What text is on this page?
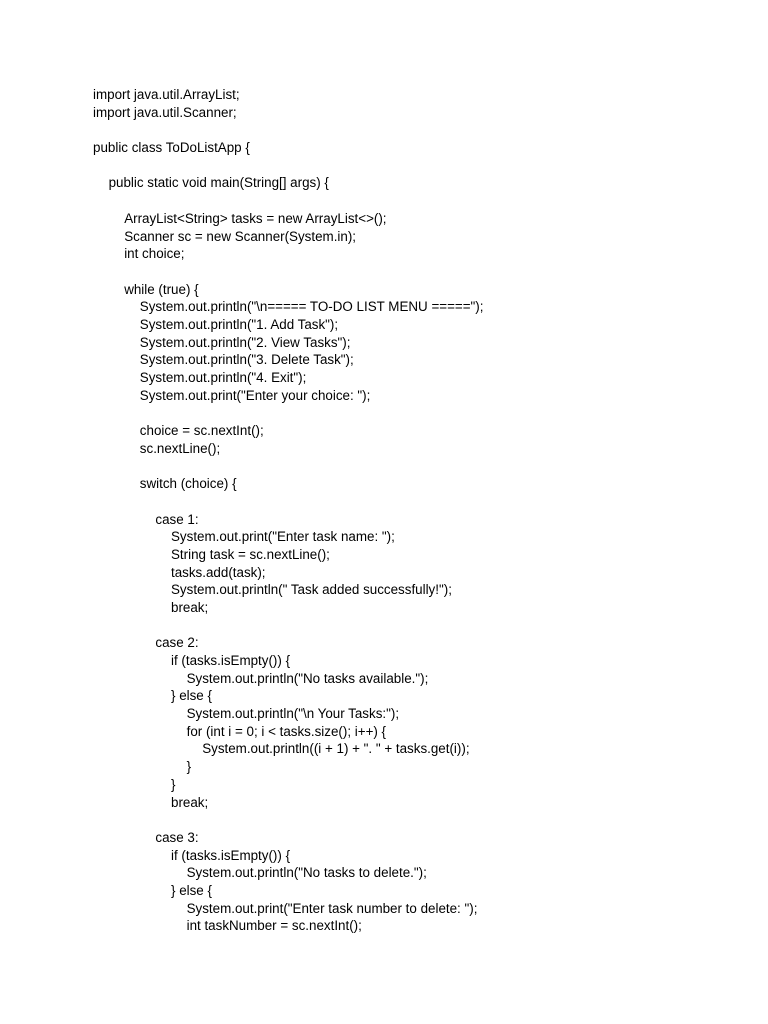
import java.util.ArrayList;
import java.util.Scanner;
public class ToDoListApp {
public static void main(String[] args) {
ArrayList<String> tasks = new ArrayList<>();
Scanner sc = new Scanner(System.in);
int choice;
while (true) {
System.out.println("\n===== TO-DO LIST MENU =====");
System.out.println("1. Add Task");
System.out.println("2. View Tasks");
System.out.println("3. Delete Task");
System.out.println("4. Exit");
System.out.print("Enter your choice: ");
choice = sc.nextInt();
sc.nextLine();
switch (choice) {
case 1:
System.out.print("Enter task name: ");
String task = sc.nextLine();
tasks.add(task);
System.out.println(" Task added successfully!");
break;
case 2:
if (tasks.isEmpty()) {
System.out.println("No tasks available.");
} else {
System.out.println("\n Your Tasks:");
for (int i = 0; i < tasks.size(); i++) {
System.out.println((i + 1) + ". " + tasks.get(i));
}
}
break;
case 3:
if (tasks.isEmpty()) {
System.out.println("No tasks to delete.");
} else {
System.out.print("Enter task number to delete: ");
int taskNumber = sc.nextInt();
